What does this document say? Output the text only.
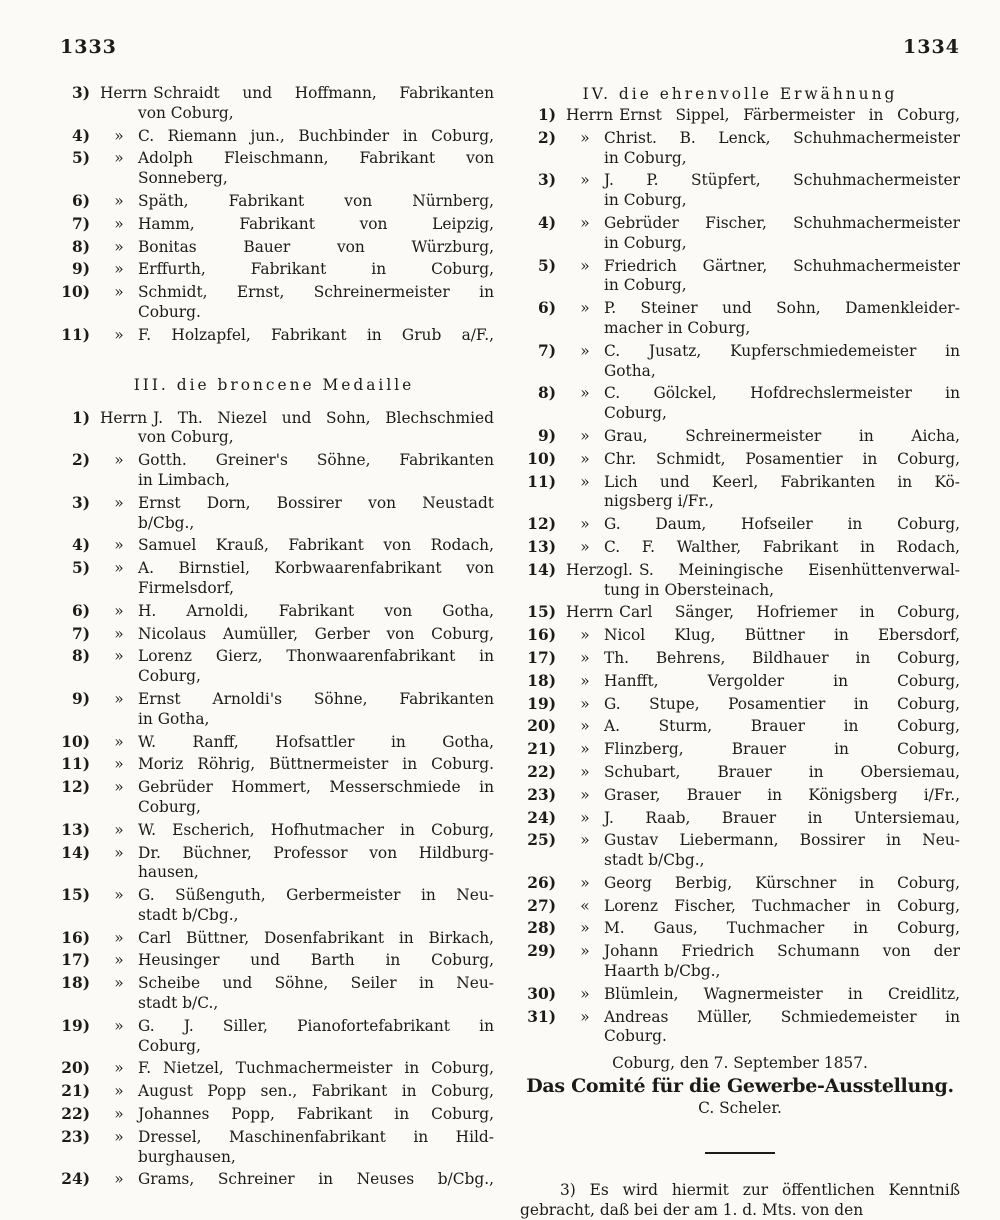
1333	1334
3) Herrn Schraidt und Hoffmann, Fabrikanten
von Coburg,
4)	» C. Riemann jun., Buchbinder in Coburg,
5)	» Adolph Fleischmann, Fabrikant von
Sonneberg,
6)	» Späth, Fabrikant von Nürnberg,
7)	» Hamm, Fabrikant von Leipzig,
8)	» Bonitas Bauer von Würzburg,
9)	» Erffurth, Fabrikant in Coburg,
10)	» Schmidt, Ernst, Schreinermeister in
Coburg.
11)	» F. Holzapfel, Fabrikant in Grub a/F.,
III. die broncene Medaille
1) Herrn J. Th. Niezel und Sohn, Blechschmied
von Coburg,
2)	» Gotth. Greiner's Söhne, Fabrikanten
in Limbach,
3)	» Ernst Dorn, Bossirer von Neustadt
b/Cbg.,
4)	» Samuel Krauß, Fabrikant von Rodach,
5)	» A. Birnstiel, Korbwaarenfabrikant von
Firmelsdorf,
6)	» H. Arnoldi, Fabrikant von Gotha,
7)	» Nicolaus Aumüller, Gerber von Coburg,
8)	» Lorenz Gierz, Thonwaarenfabrikant in
Coburg,
9)	» Ernst Arnoldi's Söhne, Fabrikanten
in Gotha,
10)	» W. Ranff, Hofsattler in Gotha,
11)	» Moriz Röhrig, Büttnermeister in Coburg.
12)	» Gebrüder Hommert, Messerschmiede in
Coburg,
13)	» W. Escherich, Hofhutmacher in Coburg,
14)	» Dr. Büchner, Professor von Hildburg-
hausen,
15)	» G. Süßenguth, Gerbermeister in Neu-
stadt b/Cbg.,
16)	» Carl Büttner, Dosenfabrikant in Birkach,
17)	» Heusinger und Barth in Coburg,
18)	» Scheibe und Söhne, Seiler in Neu-
stadt b/C.,
19)	» G. J. Siller, Pianofortefabrikant in
Coburg,
20)	» F. Nietzel, Tuchmachermeister in Coburg,
21)	» August Popp sen., Fabrikant in Coburg,
22)	» Johannes Popp, Fabrikant in Coburg,
23)	» Dressel, Maschinenfabrikant in Hild-
burghausen,
24)	» Grams, Schreiner in Neuses b/Cbg.,
IV. die ehrenvolle Erwähnung
1) Herrn Ernst Sippel, Färbermeister in Coburg,
2)	» Christ. B. Lenck, Schuhmachermeister
in Coburg,
3)	» J. P. Stüpfert, Schuhmachermeister
in Coburg,
4)	» Gebrüder Fischer, Schuhmachermeister
in Coburg,
5)	» Friedrich Gärtner, Schuhmachermeister
in Coburg,
6)	» P. Steiner und Sohn, Damenkleider-
macher in Coburg,
7)	» C. Jusatz, Kupferschmiedemeister in
Gotha,
8)	» C. Gölckel, Hofdrechslermeister in
Coburg,
9)	» Grau, Schreinermeister in Aicha,
10)	» Chr. Schmidt, Posamentier in Coburg,
11)	» Lich und Keerl, Fabrikanten in Kö-
nigsberg i/Fr.,
12)	» G. Daum, Hofseiler in Coburg,
13)	» C. F. Walther, Fabrikant in Rodach,
14) Herzogl. S. Meiningische Eisenhüttenverwal-
tung in Obersteinach,
15) Herrn Carl Sänger, Hofriemer in Coburg,
16)	» Nicol Klug, Büttner in Ebersdorf,
17)	» Th. Behrens, Bildhauer in Coburg,
18)	» Hanfft, Vergolder in Coburg,
19)	» G. Stupe, Posamentier in Coburg,
20)	» A. Sturm, Brauer in Coburg,
21)	» Flinzberg, Brauer in Coburg,
22)	» Schubart, Brauer in Obersiemau,
23)	» Graser, Brauer in Königsberg i/Fr.,
24)	» J. Raab, Brauer in Untersiemau,
25)	» Gustav Liebermann, Bossirer in Neu-
stadt b/Cbg.,
26)	» Georg Berbig, Kürschner in Coburg,
27)	« Lorenz Fischer, Tuchmacher in Coburg,
28)	» M. Gaus, Tuchmacher in Coburg,
29)	» Johann Friedrich Schumann von der
Haarth b/Cbg.,
30)	» Blümlein, Wagnermeister in Creidlitz,
31)	» Andreas Müller, Schmiedemeister in
Coburg.
Coburg, den 7. September 1857.
Das Comité für die Gewerbe-Ausstellung.
C. Scheler.
3) Es wird hiermit zur öffentlichen Kenntniß gebracht, daß bei der am 1. d. Mts. von den
